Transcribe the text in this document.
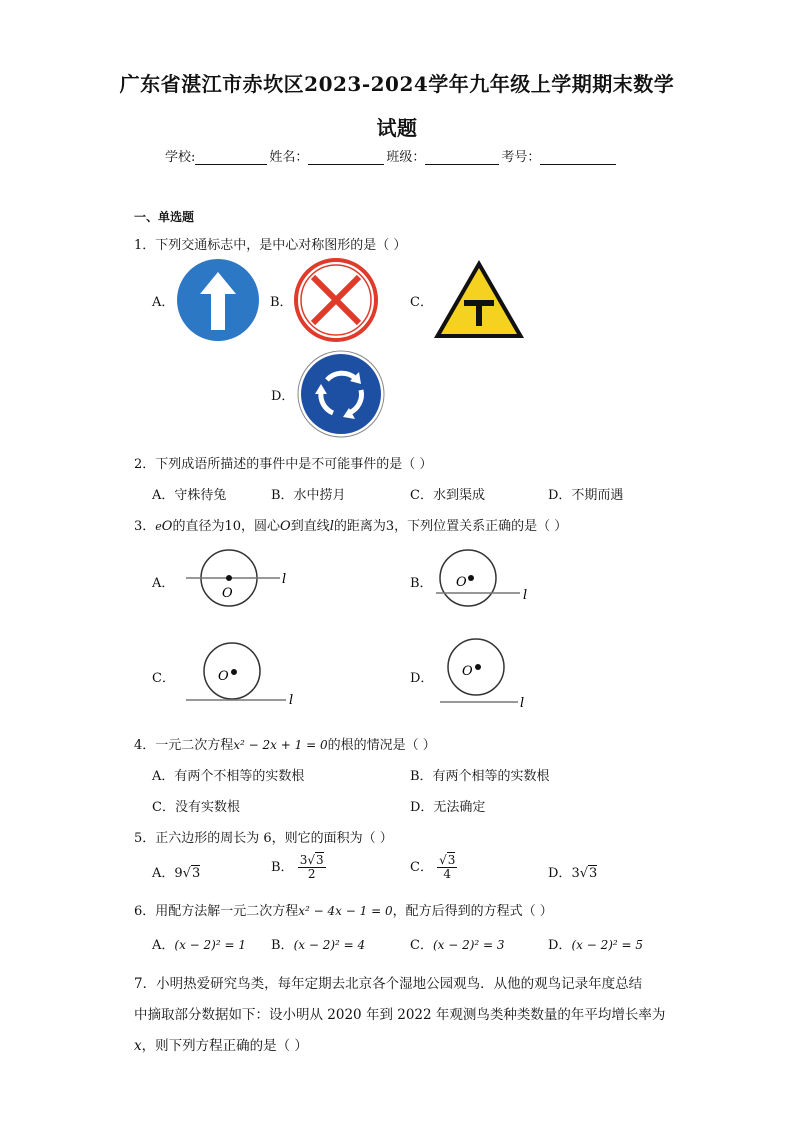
广东省湛江市赤坎区2023-2024学年九年级上学期期末数学
试题
学校:	姓名：	班级：	考号：
一、单选题
1．下列交通标志中，是中心对称图形的是（ ）
A．	B．	C．
D．
2．下列成语所描述的事件中是不可能事件的是（ ）
A．守株待兔	B．水中捞月	C．水到渠成	D．不期而遇
3．eO的直径为10，圆心O到直线l的距离为3，下列位置关系正确的是（ ）
A．
O
l	B． O
l
C．	O
l
D． O
l
4．一元二次方程x² − 2x + 1 = 0的根的情况是（ ）
A．有两个不相等的实数根	B．有两个相等的实数根
C．没有实数根	D．无法确定
5．正六边形的周长为 6，则它的面积为（ ）
A．9√3	B． $\frac{3√3}{2}$	C． $\frac{√3}{4}$	D．3√3
6．用配方法解一元二次方程x² − 4x − 1 = 0，配方后得到的方程式（ ）
A．(x − 2)² = 1 B．(x − 2)² = 4	C．(x − 2)² = 3	D．(x − 2)² = 5
7．小明热爱研究鸟类，每年定期去北京各个湿地公园观鸟．从他的观鸟记录年度总结
中摘取部分数据如下：设小明从 2020 年到 2022 年观测鸟类种类数量的年平均增长率为
x，则下列方程正确的是（ ）
